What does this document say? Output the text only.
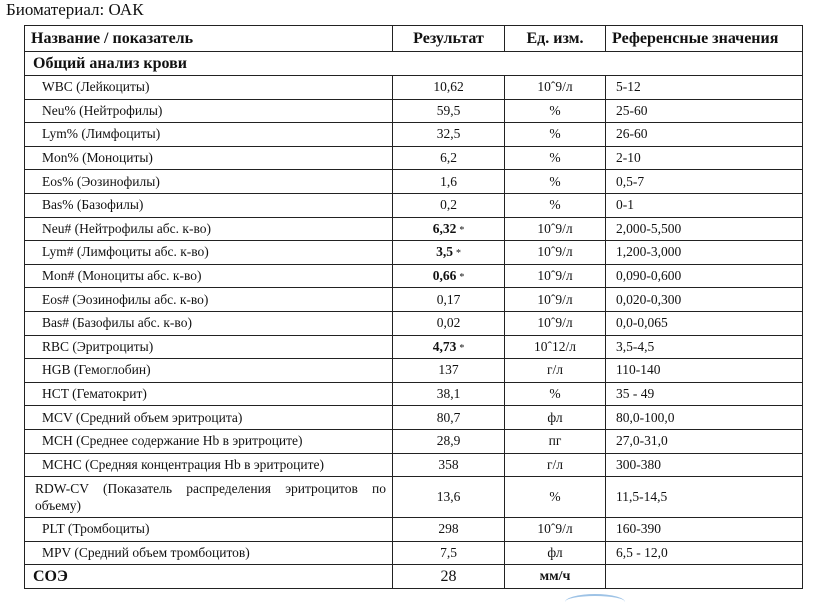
Биоматериал: ОАК
Название / показатель	Результат	Ед. изм.	Референсные значения
Общий анализ крови			
WBC (Лейкоциты)	10,62	10ˆ9/л	5-12
Neu% (Нейтрофилы)	59,5	%	25-60
Lym% (Лимфоциты)	32,5	%	26-60
Mon% (Моноциты)	6,2	%	2-10
Eos% (Эозинофилы)	1,6	%	0,5-7
Bas% (Базофилы)	0,2	%	0-1
Neu# (Нейтрофилы абс. к-во)	6,32 *	10ˆ9/л	2,000-5,500
Lym# (Лимфоциты абс. к-во)	3,5 *	10ˆ9/л	1,200-3,000
Mon# (Моноциты абс. к-во)	0,66 *	10ˆ9/л	0,090-0,600
Eos# (Эозинофилы абс. к-во)	0,17	10ˆ9/л	0,020-0,300
Bas# (Базофилы абс. к-во)	0,02	10ˆ9/л	0,0-0,065
RBC (Эритроциты)	4,73 *	10ˆ12/л	3,5-4,5
HGB (Гемоглобин)	137	г/л	110-140
HCT (Гематокрит)	38,1	%	35 - 49
MCV (Средний объем эритроцита)	80,7	фл	80,0-100,0
MCH (Среднее содержание Hb в эритроците)	28,9	пг	27,0-31,0
MCHC (Средняя концентрация Hb в эритроците)	358	г/л	300-380
RDW-CV (Показатель распределения эритроцитов по объему)	13,6	%	11,5-14,5
PLT (Тромбоциты)	298	10ˆ9/л	160-390
MPV (Средний объем тромбоцитов)	7,5	фл	6,5 - 12,0
СОЭ	28	мм/ч	
